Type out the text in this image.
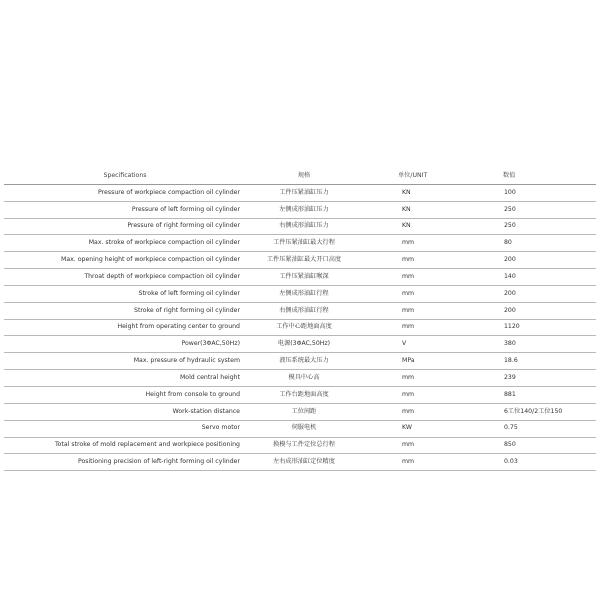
Specifications	规格	单位/UNIT	数值
Pressure of workpiece compaction oil cylinder	工件压紧油缸压力	KN	100
Pressure of left forming oil cylinder	左侧成形油缸压力	KN	250
Pressure of right forming oil cylinder	右侧成形油缸压力	KN	250
Max. stroke of workpiece compaction oil cylinder	工件压紧油缸最大行程	mm	80
Max. opening height of workpiece compaction oil cylinder	工件压紧油缸最大开口高度	mm	200
Throat depth of workpiece compaction oil cylinder	工件压紧油缸喉深	mm	140
Stroke of left forming oil cylinder	左侧成形油缸行程	mm	200
Stroke of right forming oil cylinder	右侧成形油缸行程	mm	200
Height from operating center to ground	工作中心距地面高度	mm	1120
Power(3ΦAC,50Hz)	电源(3ΦAC,50Hz)	V	380
Max. pressure of hydraulic system	液压系统最大压力	MPa	18.6
Mold central height	模具中心高	mm	239
Height from console to ground	工作台距地面高度	mm	881
Work-station distance	工位间距	mm	6工位140/2工位150
Servo motor	伺服电机	KW	0.75
Total stroke of mold replacement and workpiece positioning	换模与工件定位总行程	mm	850
Positioning precision of left-right forming oil cylinder	左右成形油缸定位精度	mm	0.03
